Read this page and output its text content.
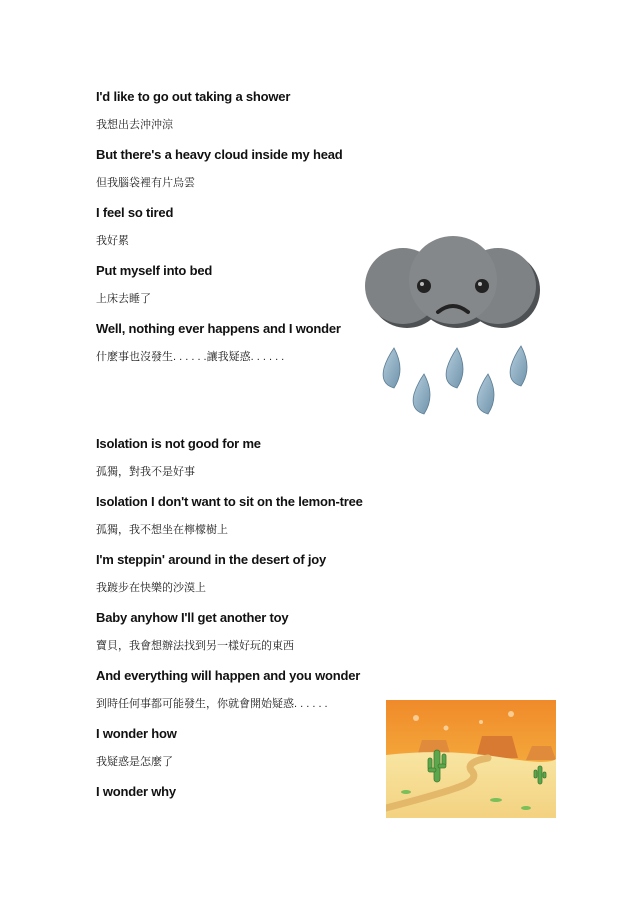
I'd like to go out taking a shower
我想出去沖沖涼
But there's a heavy cloud inside my head
但我腦袋裡有片烏雲
I feel so tired
我好累
Put myself into bed
上床去睡了
Well, nothing ever happens and I wonder
什麼事也沒發生. . . . . .讓我疑惑. . . . . .
Isolation is not good for me
孤獨，對我不是好事
Isolation I don't want to sit on the lemon-tree
孤獨，我不想坐在檸檬樹上
I'm steppin' around in the desert of joy
我踱步在快樂的沙漠上
Baby anyhow I'll get another toy
寶貝，我會想辦法找到另一樣好玩的東西
And everything will happen and you wonder
到時任何事都可能發生，你就會開始疑惑. . . . . .
I wonder how
我疑惑是怎麼了
I wonder why
